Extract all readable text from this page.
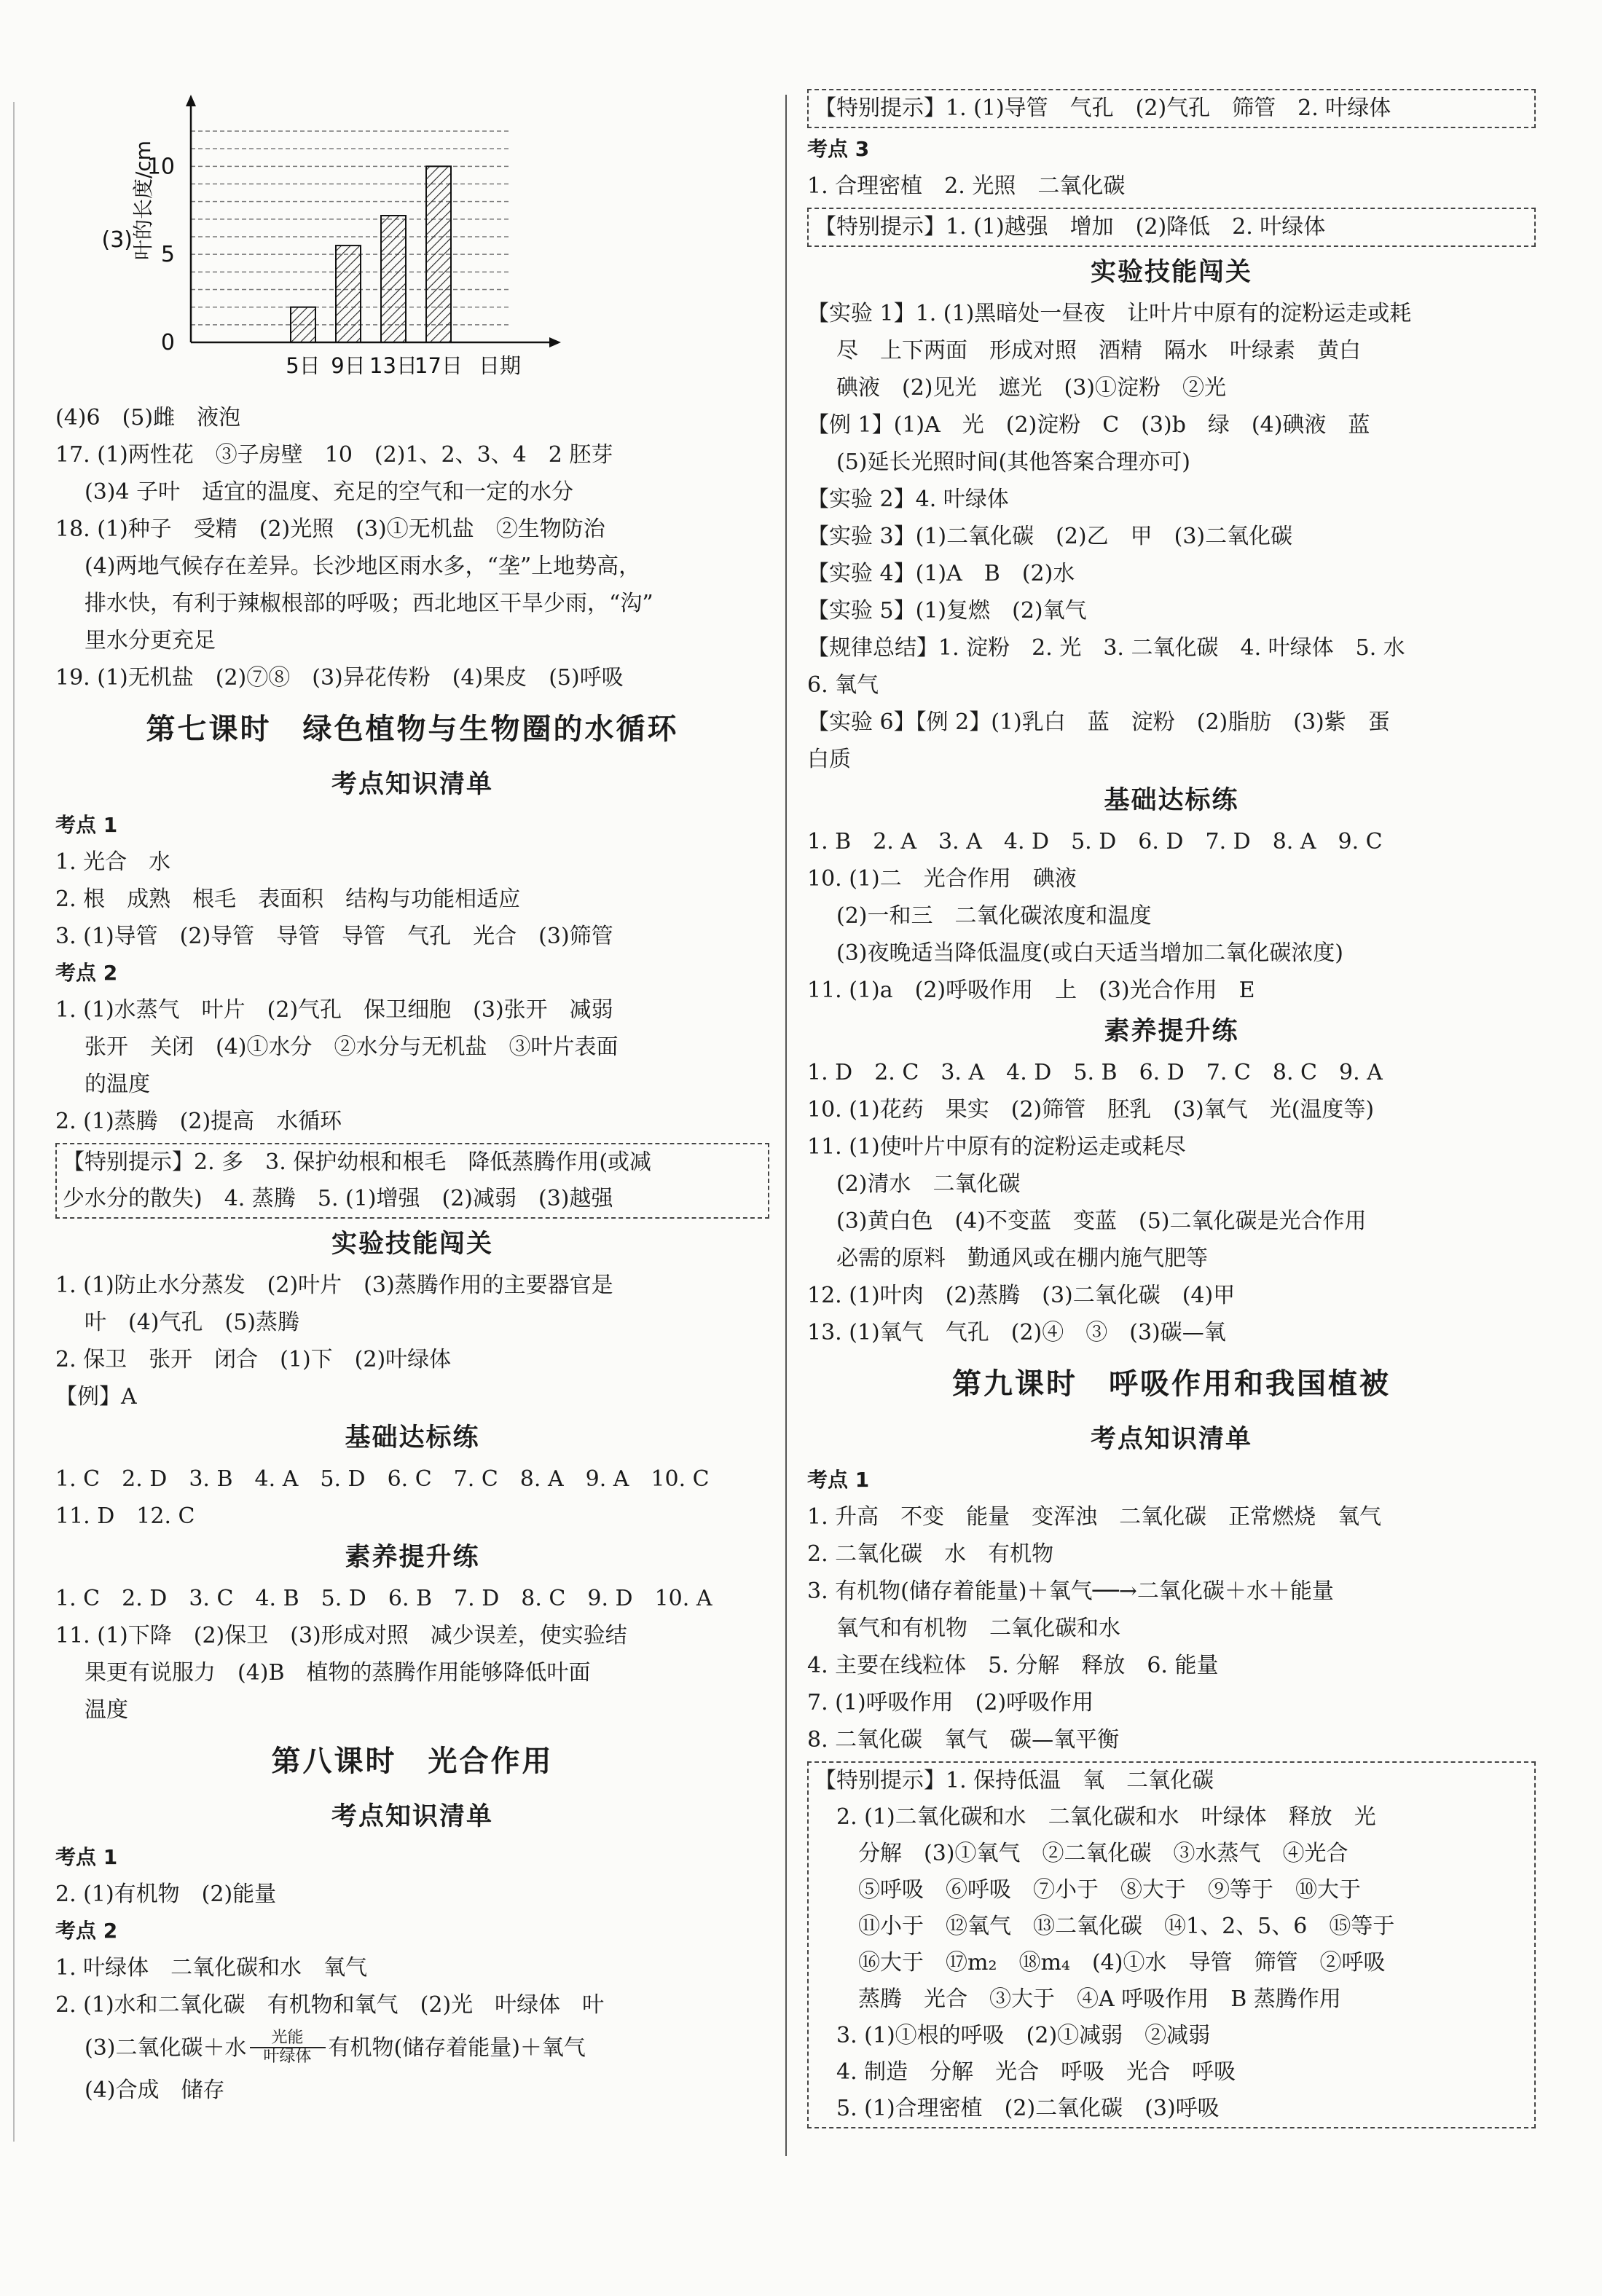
0
5
10
叶的长度/cm
(3)
5日 9日 13日
17日 日期
(4)6　(5)雌　液泡
17. (1)两性花　③子房壁　10　(2)1、2、3、4　2 胚芽
(3)4 子叶　适宜的温度、充足的空气和一定的水分
18. (1)种子　受精　(2)光照　(3)①无机盐　②生物防治
(4)两地气候存在差异。长沙地区雨水多，“垄”上地势高，
排水快，有利于辣椒根部的呼吸；西北地区干旱少雨，“沟”
里水分更充足
19. (1)无机盐　(2)⑦⑧　(3)异花传粉　(4)果皮　(5)呼吸
第七课时　绿色植物与生物圈的水循环
考点知识清单
考点 1
1. 光合　水
2. 根　成熟　根毛　表面积　结构与功能相适应
3. (1)导管　(2)导管　导管　导管　气孔　光合　(3)筛管
考点 2
1. (1)水蒸气　叶片　(2)气孔　保卫细胞　(3)张开　减弱
张开　关闭　(4)①水分　②水分与无机盐　③叶片表面
的温度
2. (1)蒸腾　(2)提高　水循环
【特别提示】2. 多　3. 保护幼根和根毛　降低蒸腾作用(或减
少水分的散失)　4. 蒸腾　5. (1)增强　(2)减弱　(3)越强
实验技能闯关
1. (1)防止水分蒸发　(2)叶片　(3)蒸腾作用的主要器官是
叶　(4)气孔　(5)蒸腾
2. 保卫　张开　闭合　(1)下　(2)叶绿体
【例】A
基础达标练
1. C　2. D　3. B　4. A　5. D　6. C　7. C　8. A　9. A　10. C
11. D　12. C
素养提升练
1. C　2. D　3. C　4. B　5. D　6. B　7. D　8. C　9. D　10. A
11. (1)下降　(2)保卫　(3)形成对照　减少误差，使实验结
果更有说服力　(4)B　植物的蒸腾作用能够降低叶面
温度
第八课时　光合作用
考点知识清单
考点 1
2. (1)有机物　(2)能量
考点 2
1. 叶绿体　二氧化碳和水　氧气
2. (1)水和二氧化碳　有机物和氧气　(2)光　叶绿体　叶
(3)二氧化碳＋水 光能
叶绿体 有机物(储存着能量)＋氧气
(4)合成　储存
【特别提示】1. (1)导管　气孔　(2)气孔　筛管　2. 叶绿体
考点 3
1. 合理密植　2. 光照　二氧化碳
【特别提示】1. (1)越强　增加　(2)降低　2. 叶绿体
实验技能闯关
【实验 1】1. (1)黑暗处一昼夜　让叶片中原有的淀粉运走或耗
尽　上下两面　形成对照　酒精　隔水　叶绿素　黄白
碘液　(2)见光　遮光　(3)①淀粉　②光
【例 1】(1)A　光　(2)淀粉　C　(3)b　绿　(4)碘液　蓝
(5)延长光照时间(其他答案合理亦可)
【实验 2】4. 叶绿体
【实验 3】(1)二氧化碳　(2)乙　甲　(3)二氧化碳
【实验 4】(1)A　B　(2)水
【实验 5】(1)复燃　(2)氧气
【规律总结】1. 淀粉　2. 光　3. 二氧化碳　4. 叶绿体　5. 水
6. 氧气
【实验 6】【例 2】(1)乳白　蓝　淀粉　(2)脂肪　(3)紫　蛋
白质
基础达标练
1. B　2. A　3. A　4. D　5. D　6. D　7. D　8. A　9. C
10. (1)二　光合作用　碘液
(2)一和三　二氧化碳浓度和温度
(3)夜晚适当降低温度(或白天适当增加二氧化碳浓度)
11. (1)a　(2)呼吸作用　上　(3)光合作用　E
素养提升练
1. D　2. C　3. A　4. D　5. B　6. D　7. C　8. C　9. A
10. (1)花药　果实　(2)筛管　胚乳　(3)氧气　光(温度等)
11. (1)使叶片中原有的淀粉运走或耗尽
(2)清水　二氧化碳
(3)黄白色　(4)不变蓝　变蓝　(5)二氧化碳是光合作用
必需的原料　勤通风或在棚内施气肥等
12. (1)叶肉　(2)蒸腾　(3)二氧化碳　(4)甲
13. (1)氧气　气孔　(2)④　③　(3)碳—氧
第九课时　呼吸作用和我国植被
考点知识清单
考点 1
1. 升高　不变　能量　变浑浊　二氧化碳　正常燃烧　氧气
2. 二氧化碳　水　有机物
3. 有机物(储存着能量)＋氧气──→二氧化碳＋水＋能量
氧气和有机物　二氧化碳和水
4. 主要在线粒体　5. 分解　释放　6. 能量
7. (1)呼吸作用　(2)呼吸作用
8. 二氧化碳　氧气　碳—氧平衡
【特别提示】1. 保持低温　氧　二氧化碳
　2. (1)二氧化碳和水　二氧化碳和水　叶绿体　释放　光
　　分解　(3)①氧气　②二氧化碳　③水蒸气　④光合
　　⑤呼吸　⑥呼吸　⑦小于　⑧大于　⑨等于　⑩大于
　　⑪小于　⑫氧气　⑬二氧化碳　⑭1、2、5、6　⑮等于
　　⑯大于　⑰m₂　⑱m₄　(4)①水　导管　筛管　②呼吸
　　蒸腾　光合　③大于　④A 呼吸作用　B 蒸腾作用
　3. (1)①根的呼吸　(2)①减弱　②减弱
　4. 制造　分解　光合　呼吸　光合　呼吸
　5. (1)合理密植　(2)二氧化碳　(3)呼吸
